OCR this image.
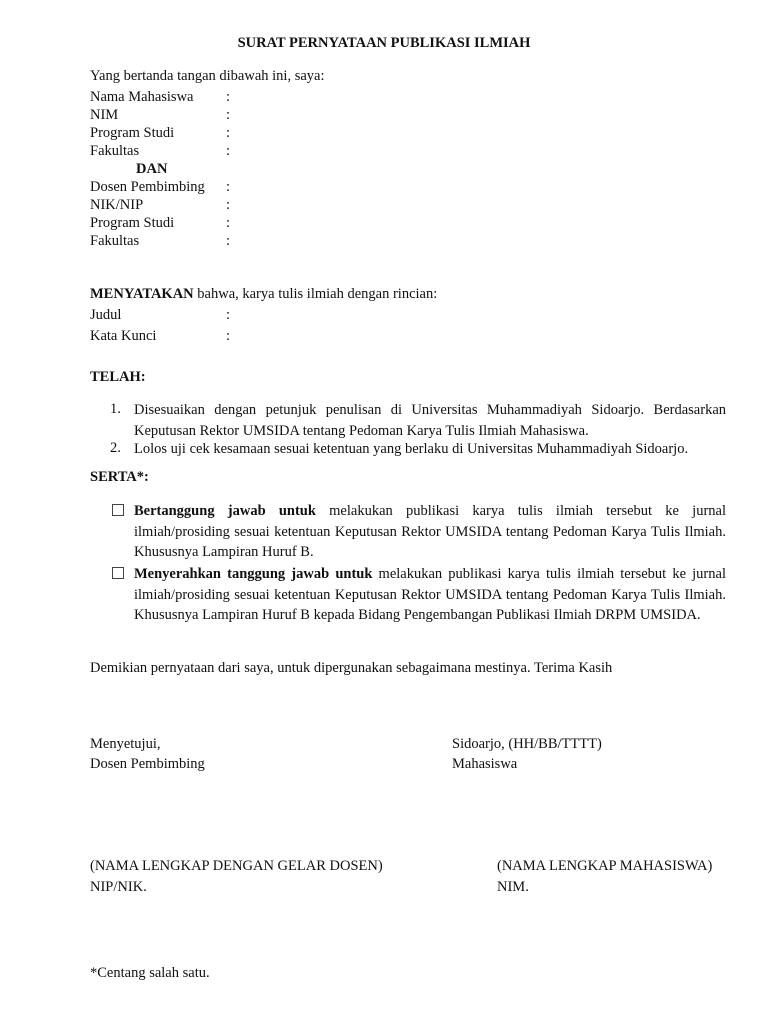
SURAT PERNYATAAN PUBLIKASI ILMIAH
Yang bertanda tangan dibawah ini, saya:
Nama Mahasiswa :
NIM	:
Program Studi	:
Fakultas	:
DAN
Dosen Pembimbing :
NIK/NIP	:
Program Studi	:
Fakultas	:
MENYATAKAN bahwa, karya tulis ilmiah dengan rincian:
Judul	:
Kata Kunci	:
TELAH:
1. Disesuaikan dengan petunjuk penulisan di Universitas Muhammadiyah Sidoarjo. Berdasarkan Keputusan Rektor UMSIDA tentang Pedoman Karya Tulis Ilmiah Mahasiswa.
2. Lolos uji cek kesamaan sesuai ketentuan yang berlaku di Universitas Muhammadiyah Sidoarjo.
SERTA*:
Bertanggung jawab untuk melakukan publikasi karya tulis ilmiah tersebut ke jurnal ilmiah/prosiding sesuai ketentuan Keputusan Rektor UMSIDA tentang Pedoman Karya Tulis Ilmiah. Khususnya Lampiran Huruf B.
Menyerahkan tanggung jawab untuk melakukan publikasi karya tulis ilmiah tersebut ke jurnal ilmiah/prosiding sesuai ketentuan Keputusan Rektor UMSIDA tentang Pedoman Karya Tulis Ilmiah. Khususnya Lampiran Huruf B kepada Bidang Pengembangan Publikasi Ilmiah DRPM UMSIDA.
Demikian pernyataan dari saya, untuk dipergunakan sebagaimana mestinya. Terima Kasih
Menyetujui,
Dosen Pembimbing
Sidoarjo, (HH/BB/TTTT)
Mahasiswa
(NAMA LENGKAP DENGAN GELAR DOSEN)
NIP/NIK.
(NAMA LENGKAP MAHASISWA)
NIM.
*Centang salah satu.
